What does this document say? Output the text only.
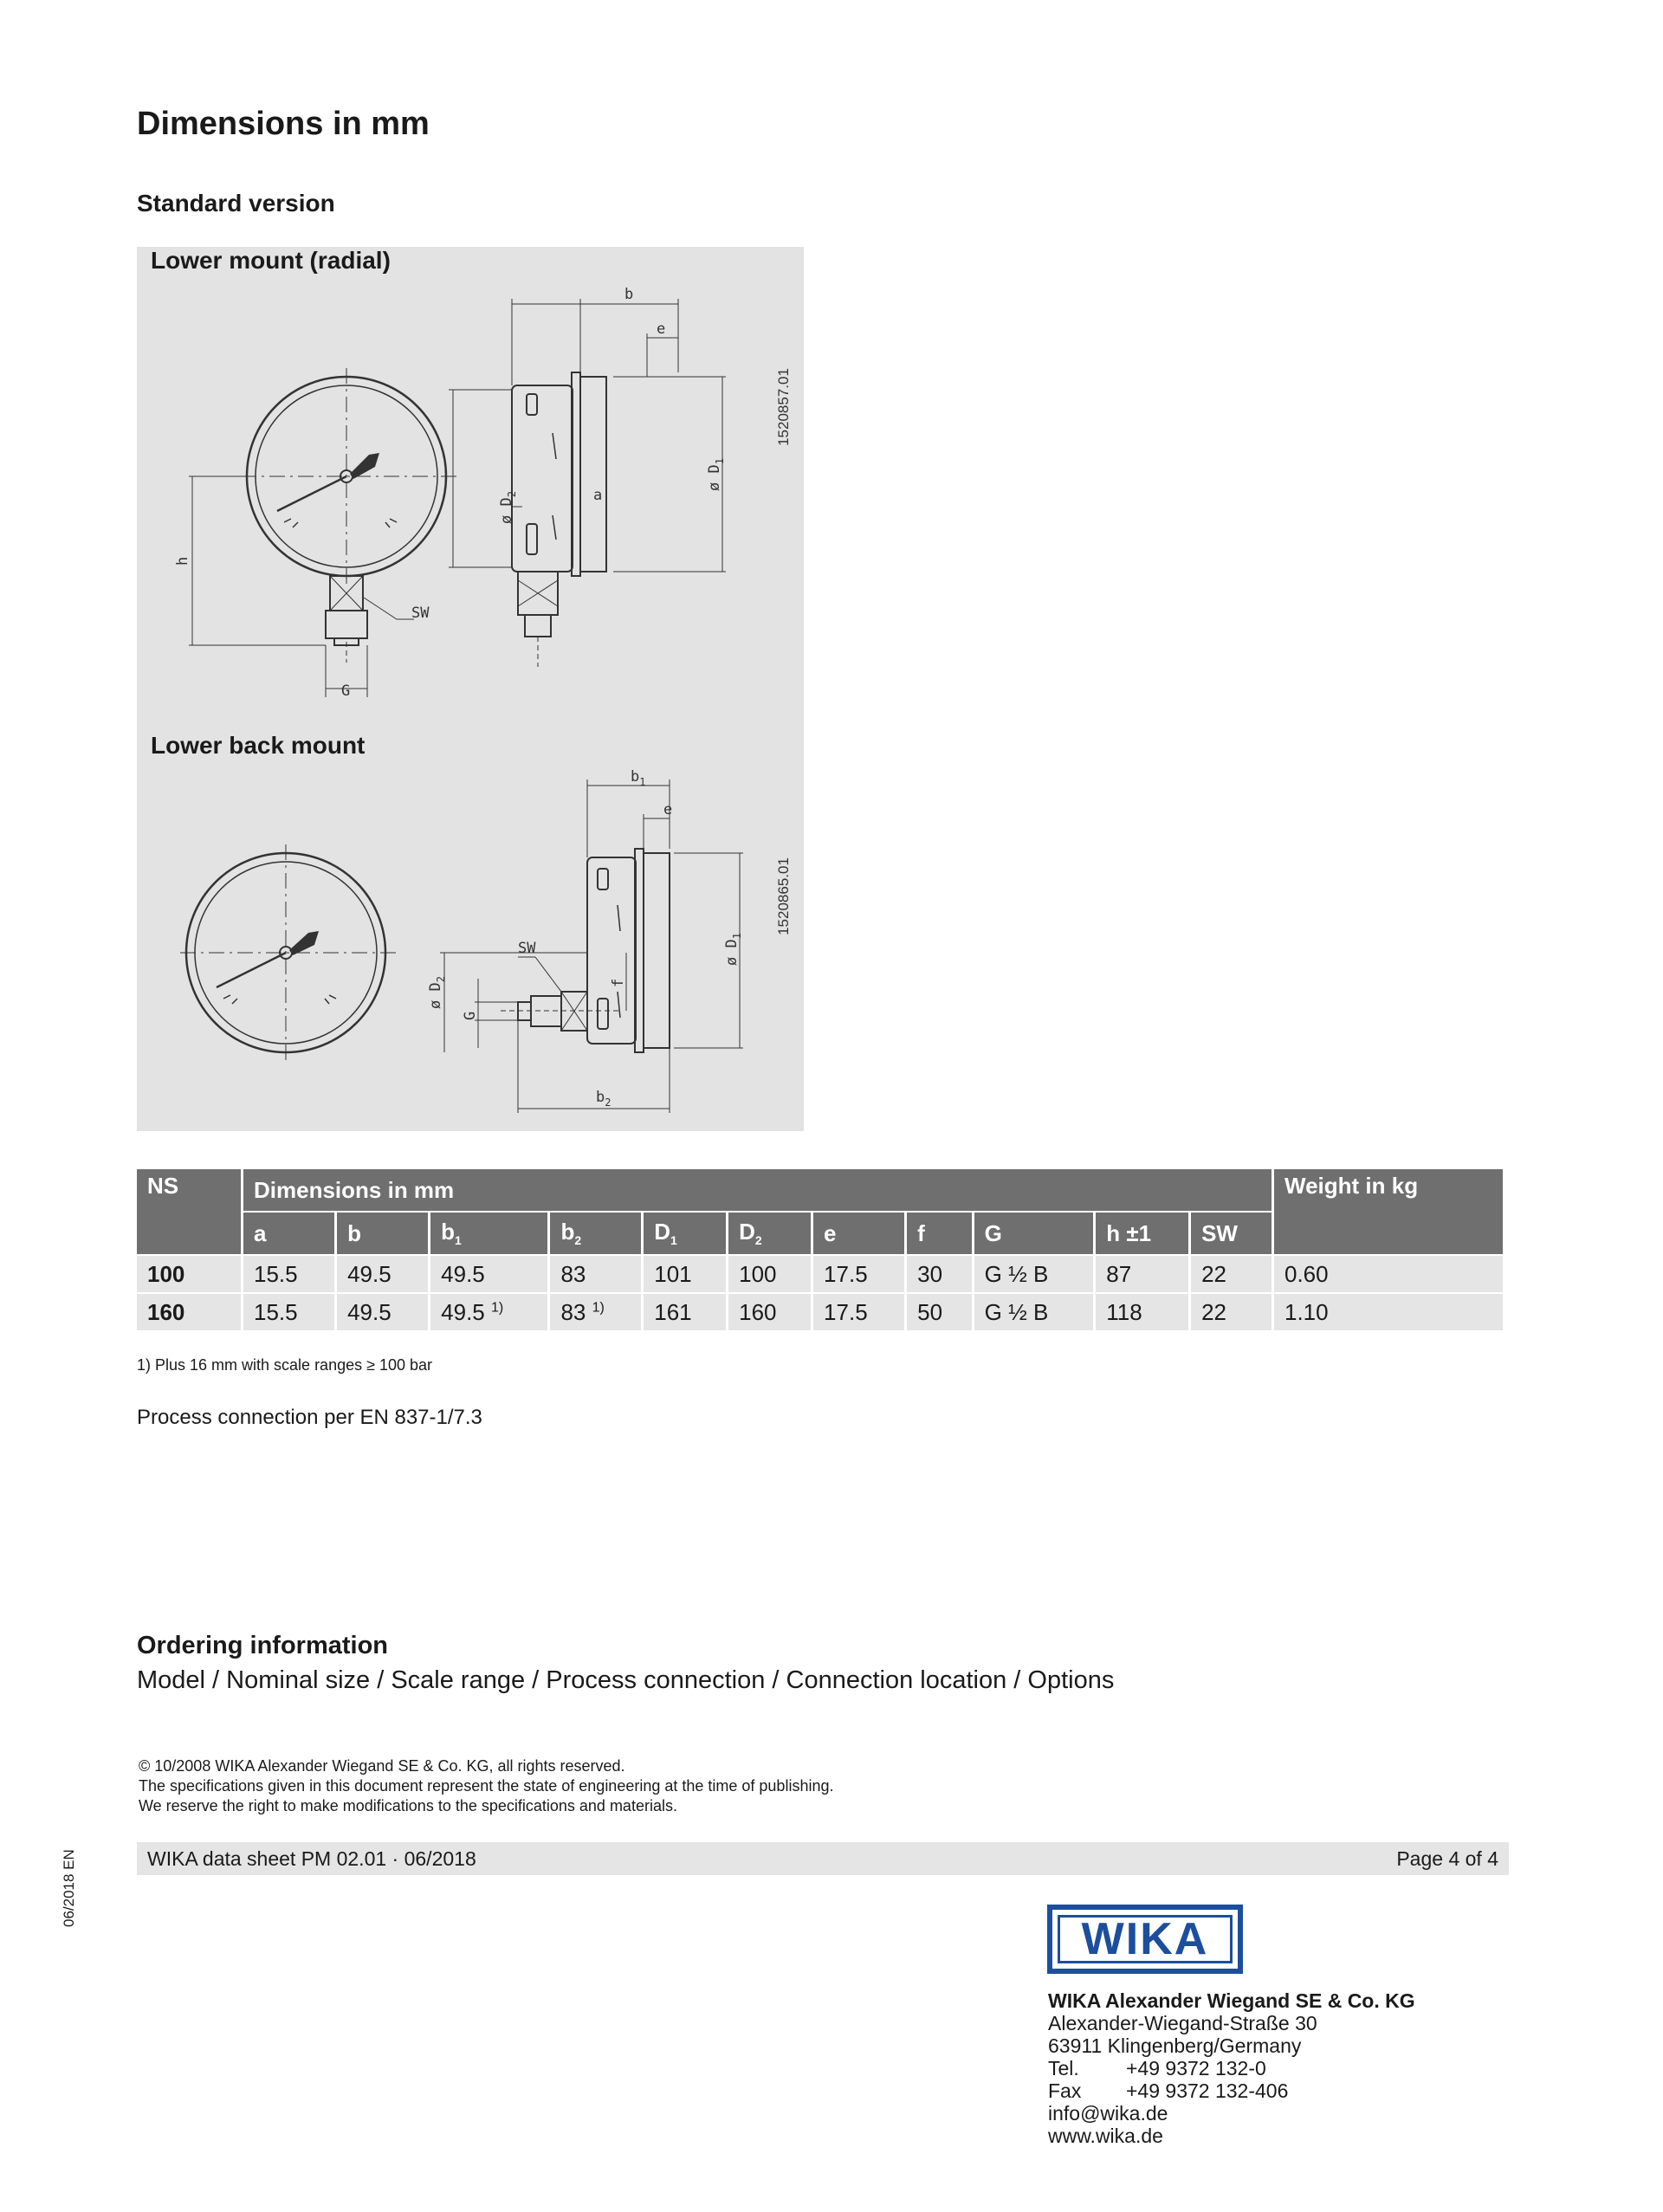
Dimensions in mm
Standard version
Lower mount (radial)
Lower back mount
h
G
SW
b
e
a
ø $D_1$
ø $D_2$
1520857.01
$b_1$
e
SW
f
G
$b_2$
ø $D_1$
ø $D_2$
1520865.01
NS	Dimensions in mm											Weight in kg
	a	b	$b_1$	$b_2$	$D_1$	$D_2$	e	f	G	h ±1	SW	
100	15.5	49.5	49.5	83	101	100	17.5	30	G ½ B	87	22	0.60
160	15.5	49.5	49.5 $^{1)}$	83 $^{1)}$	161	160	17.5	50	G ½ B	118	22	1.10
1) Plus 16 mm with scale ranges ≥ 100 bar
Process connection per EN 837-1/7.3
Ordering information
Model / Nominal size / Scale range / Process connection / Connection location / Options
© 10/2008 WIKA Alexander Wiegand SE & Co. KG, all rights reserved.
The specifications given in this document represent the state of engineering at the time of publishing.
We reserve the right to make modifications to the specifications and materials.
WIKA data sheet PM 02.01 · 06/2018	Page 4 of 4
06/2018 EN
WIKA
WIKA Alexander Wiegand SE & Co. KG
Alexander-Wiegand-Straße 30
63911 Klingenberg/Germany
Tel. +49 9372 132-0
Fax +49 9372 132-406
info@wika.de
www.wika.de
